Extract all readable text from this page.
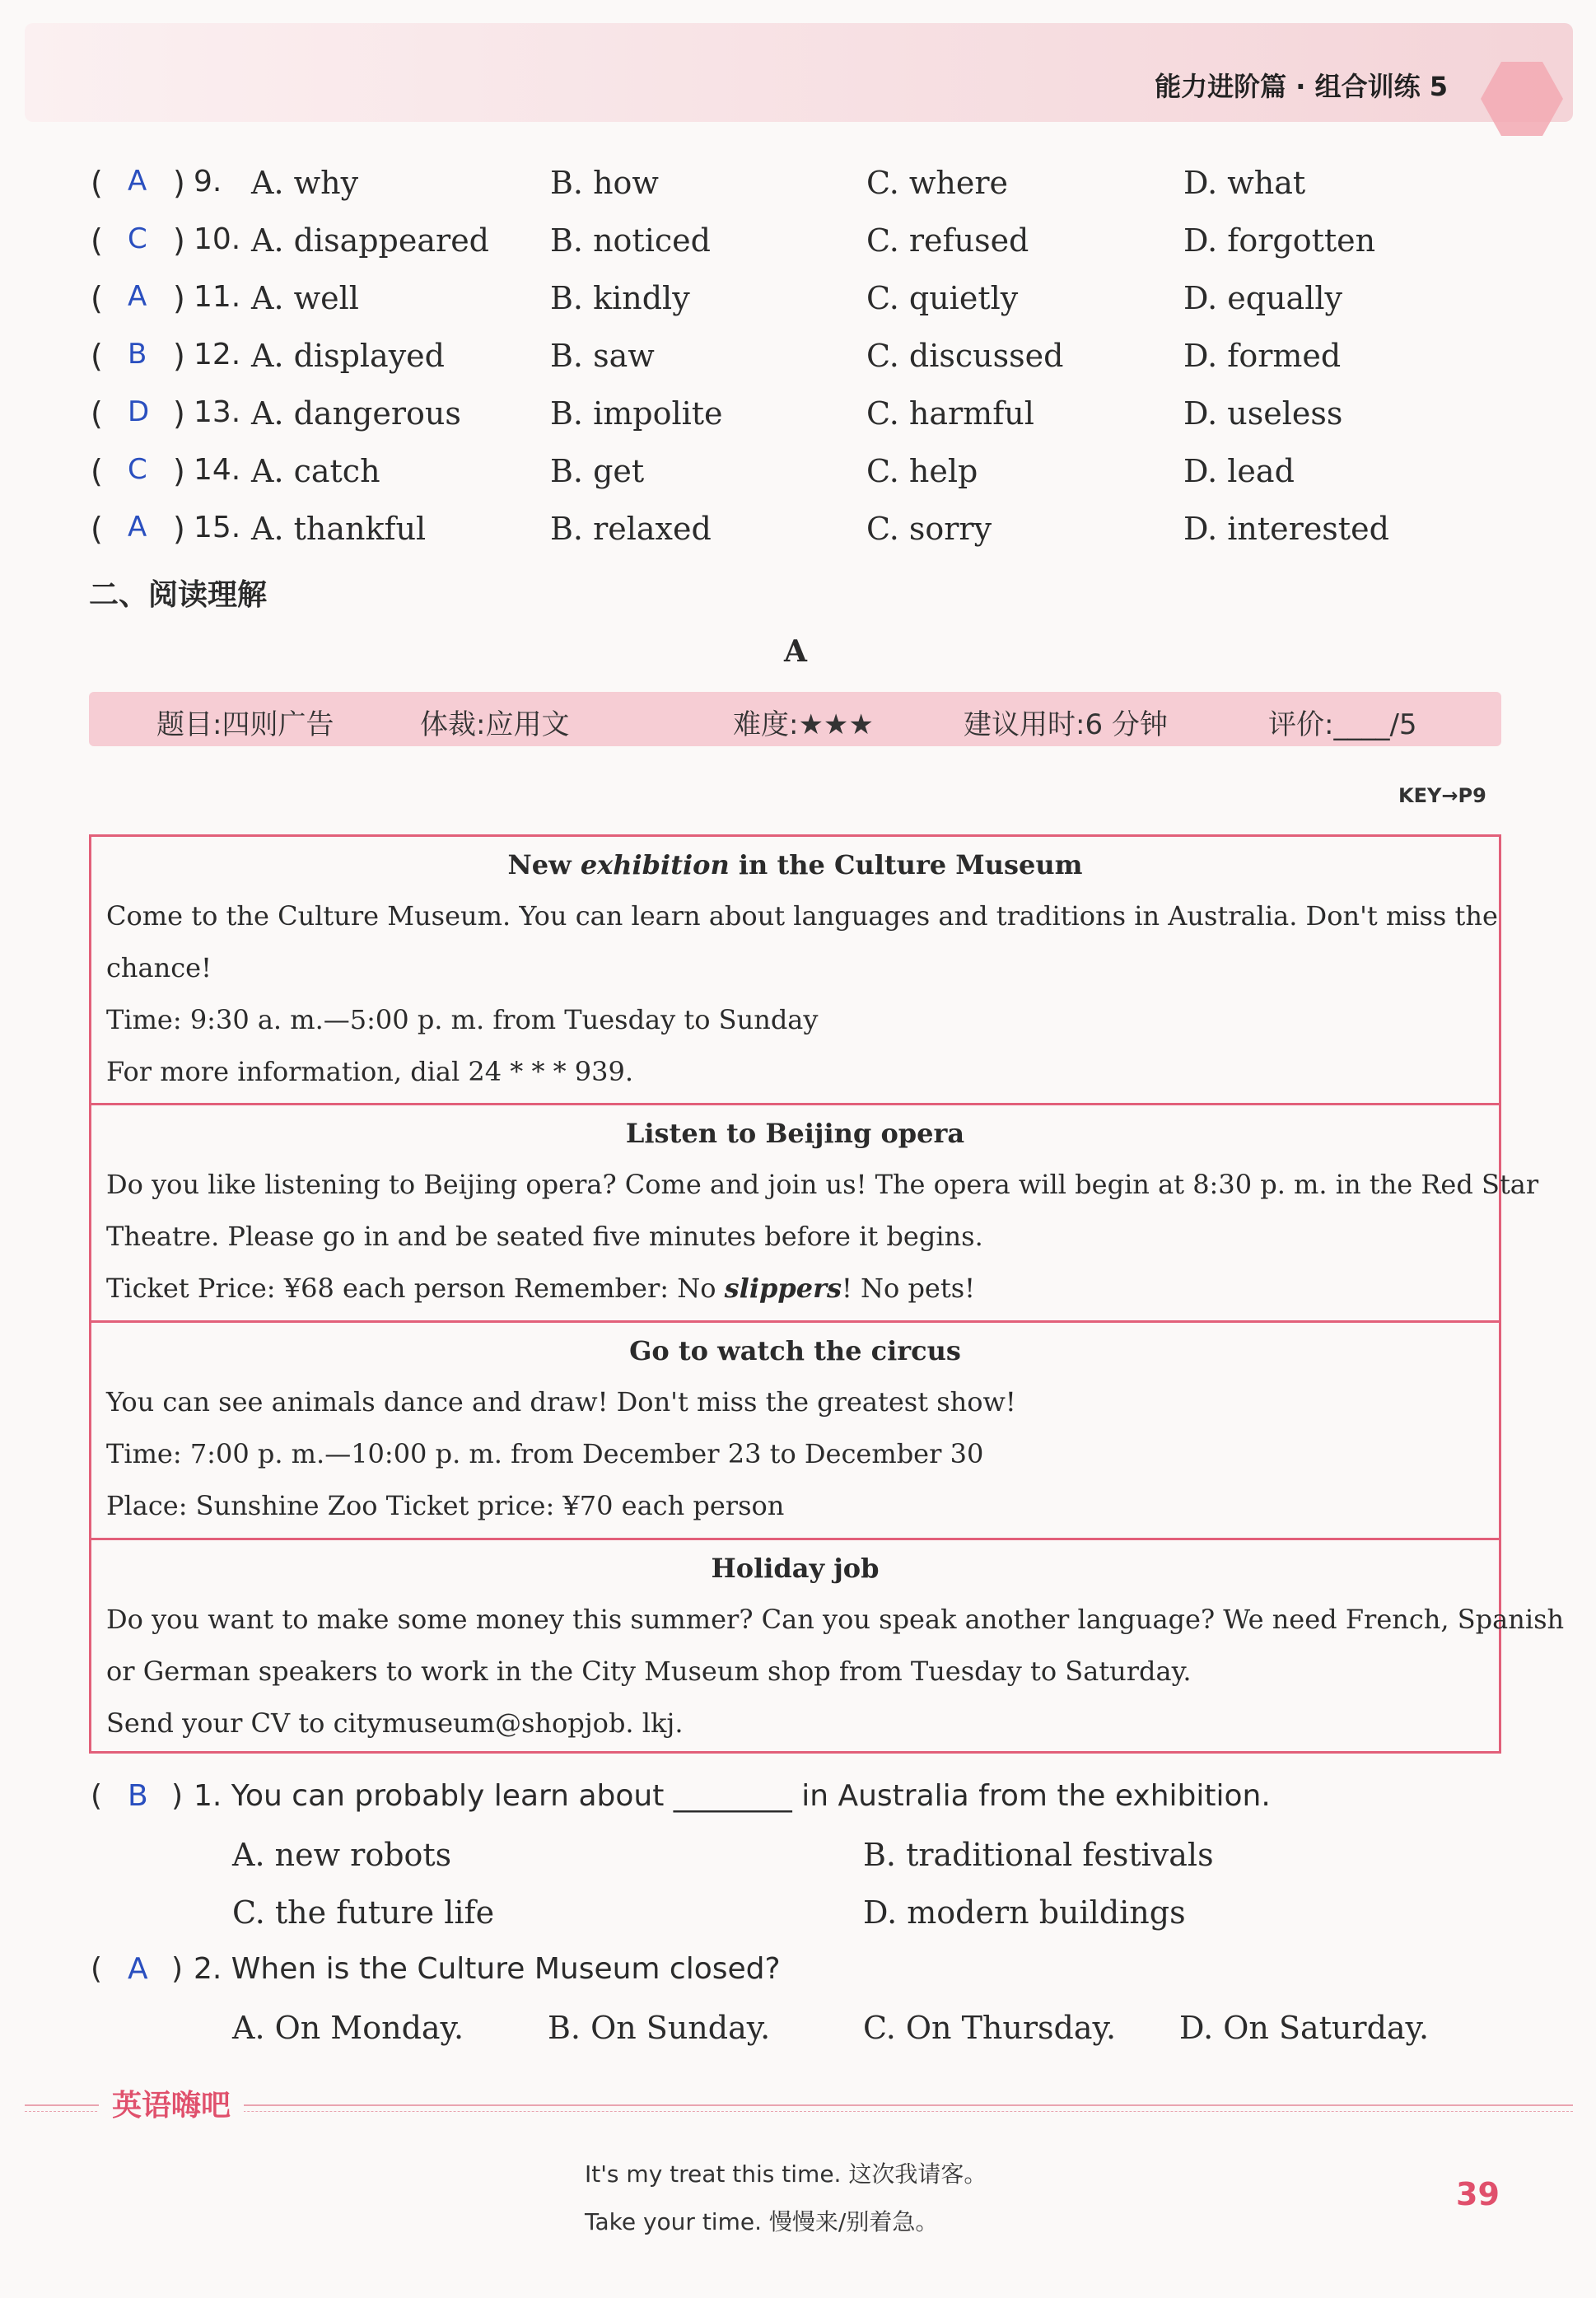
能力进阶篇 · 组合训练 5
( A ) 9. A. why	B. how	C. where	D. what
( C ) 10. A. disappeared B. noticed	C. refused	D. forgotten
( A ) 11. A. well	B. kindly	C. quietly	D. equally
( B ) 12. A. displayed	B. saw	C. discussed	D. formed
( D ) 13. A. dangerous	B. impolite	C. harmful	D. useless
( C ) 14. A. catch	B. get	C. help	D. lead
( A ) 15. A. thankful	B. relaxed	C. sorry	D. interested
二、阅读理解
A
题目:四则广告	体裁:应用文	难度:★★★	建议用时:6 分钟	评价:____/5
KEY→P9
New exhibition in the Culture Museum
Come to the Culture Museum. You can learn about languages and traditions in Australia. Don't miss the
chance!
Time: 9:30 a. m.—5:00 p. m. from Tuesday to Sunday
For more information, dial 24 * * * 939.
Listen to Beijing opera
Do you like listening to Beijing opera? Come and join us! The opera will begin at 8:30 p. m. in the Red Star
Theatre. Please go in and be seated five minutes before it begins.
Ticket Price: ¥68 each person Remember: No slippers! No pets!
Go to watch the circus
You can see animals dance and draw! Don't miss the greatest show!
Time: 7:00 p. m.—10:00 p. m. from December 23 to December 30
Place: Sunshine Zoo Ticket price: ¥70 each person
Holiday job
Do you want to make some money this summer? Can you speak another language? We need French, Spanish
or German speakers to work in the City Museum shop from Tuesday to Saturday.
Send your CV to citymuseum@shopjob. lkj.
( B ) 1. You can probably learn about ________ in Australia from the exhibition.
A. new robots	B. traditional festivals
C. the future life	D. modern buildings
( A ) 2. When is the Culture Museum closed?
A. On Monday.	B. On Sunday.	C. On Thursday. D. On Saturday.
英语嗨吧
It's my treat this time. 这次我请客。
Take your time. 慢慢来/别着急。
39
